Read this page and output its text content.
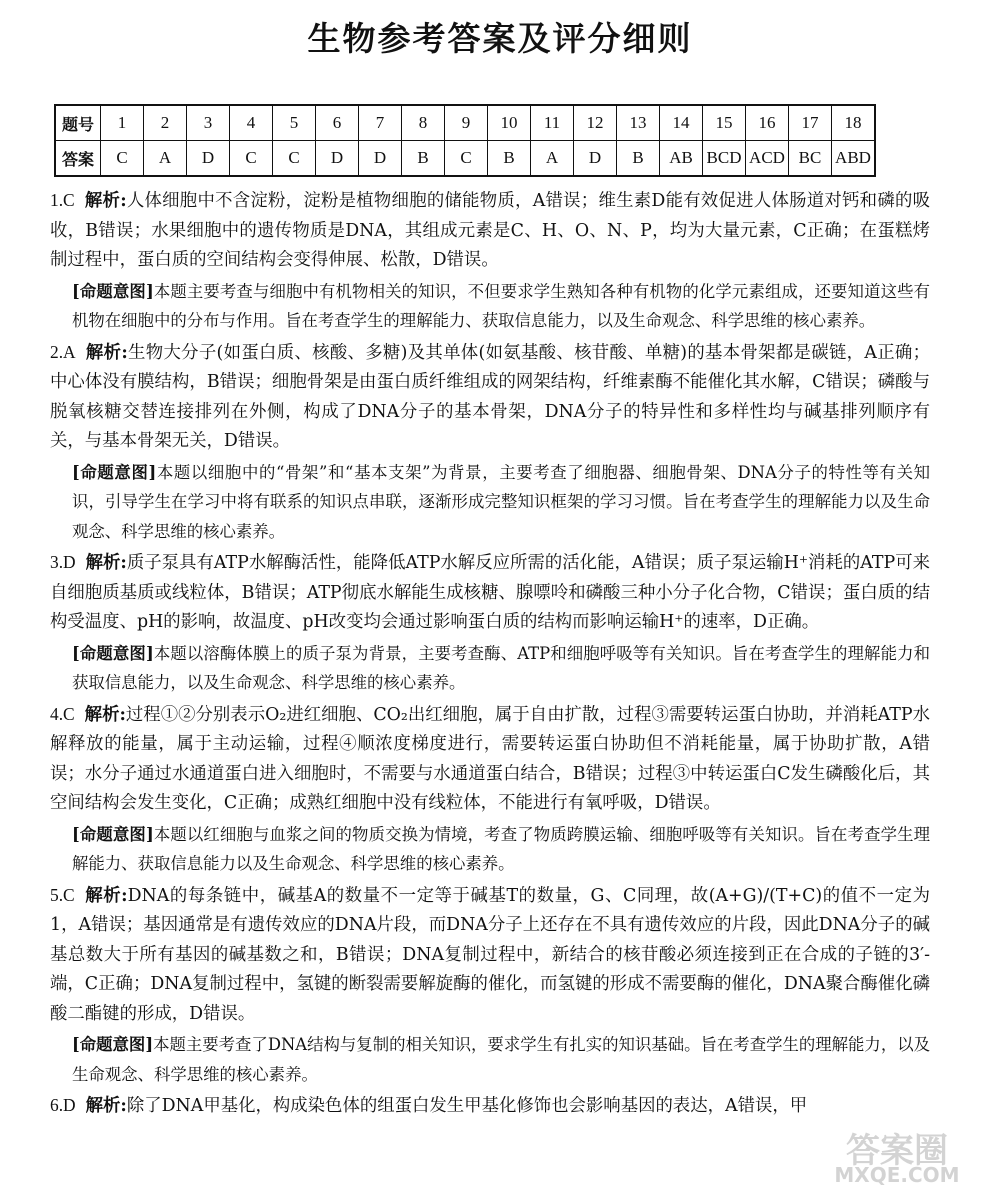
生物参考答案及评分细则
题号	1	2	3	4	5	6	7	8	9	10	11	12	13	14	15	16	17	18
答案	C	A	D	C	C	D	D	B	C	B	A	D	B	AB	BCD	ACD	BC	ABD

1.C 解析:人体细胞中不含淀粉，淀粉是植物细胞的储能物质，A错误；维生素D能有效促进人体肠道对钙和磷的吸收，B错误；水果细胞中的遗传物质是DNA，其组成元素是C、H、O、N、P，均为大量元素，C正确；在蛋糕烤制过程中，蛋白质的空间结构会变得伸展、松散，D错误。

[命题意图]本题主要考查与细胞中有机物相关的知识，不但要求学生熟知各种有机物的化学元素组成，还要知道这些有机物在细胞中的分布与作用。旨在考查学生的理解能力、获取信息能力，以及生命观念、科学思维的核心素养。

2.A 解析:生物大分子(如蛋白质、核酸、多糖)及其单体(如氨基酸、核苷酸、单糖)的基本骨架都是碳链，A正确；中心体没有膜结构，B错误；细胞骨架是由蛋白质纤维组成的网架结构，纤维素酶不能催化其水解，C错误；磷酸与脱氧核糖交替连接排列在外侧，构成了DNA分子的基本骨架，DNA分子的特异性和多样性均与碱基排列顺序有关，与基本骨架无关，D错误。

[命题意图]本题以细胞中的“骨架”和“基本支架”为背景，主要考查了细胞器、细胞骨架、DNA分子的特性等有关知识，引导学生在学习中将有联系的知识点串联，逐渐形成完整知识框架的学习习惯。旨在考查学生的理解能力以及生命观念、科学思维的核心素养。

3.D 解析:质子泵具有ATP水解酶活性，能降低ATP水解反应所需的活化能，A错误；质子泵运输H⁺消耗的ATP可来自细胞质基质或线粒体，B错误；ATP彻底水解能生成核糖、腺嘌呤和磷酸三种小分子化合物，C错误；蛋白质的结构受温度、pH的影响，故温度、pH改变均会通过影响蛋白质的结构而影响运输H⁺的速率，D正确。

[命题意图]本题以溶酶体膜上的质子泵为背景，主要考查酶、ATP和细胞呼吸等有关知识。旨在考查学生的理解能力和获取信息能力，以及生命观念、科学思维的核心素养。

4.C 解析:过程①②分别表示O₂进红细胞、CO₂出红细胞，属于自由扩散，过程③需要转运蛋白协助，并消耗ATP水解释放的能量，属于主动运输，过程④顺浓度梯度进行，需要转运蛋白协助但不消耗能量，属于协助扩散，A错误；水分子通过水通道蛋白进入细胞时，不需要与水通道蛋白结合，B错误；过程③中转运蛋白C发生磷酸化后，其空间结构会发生变化，C正确；成熟红细胞中没有线粒体，不能进行有氧呼吸，D错误。

[命题意图]本题以红细胞与血浆之间的物质交换为情境，考查了物质跨膜运输、细胞呼吸等有关知识。旨在考查学生理解能力、获取信息能力以及生命观念、科学思维的核心素养。

5.C 解析:DNA的每条链中，碱基A的数量不一定等于碱基T的数量，G、C同理，故(A+G)/(T+C)的值不一定为1，A错误；基因通常是有遗传效应的DNA片段，而DNA分子上还存在不具有遗传效应的片段，因此DNA分子的碱基总数大于所有基因的碱基数之和，B错误；DNA复制过程中，新结合的核苷酸必须连接到正在合成的子链的3′-端，C正确；DNA复制过程中，氢键的断裂需要解旋酶的催化，而氢键的形成不需要酶的催化，DNA聚合酶催化磷酸二酯键的形成，D错误。

[命题意图]本题主要考查了DNA结构与复制的相关知识，要求学生有扎实的知识基础。旨在考查学生的理解能力，以及生命观念、科学思维的核心素养。

6.D 解析:除了DNA甲基化，构成染色体的组蛋白发生甲基化修饰也会影响基因的表达，A错误，甲

答案圈
MXQE.COM
